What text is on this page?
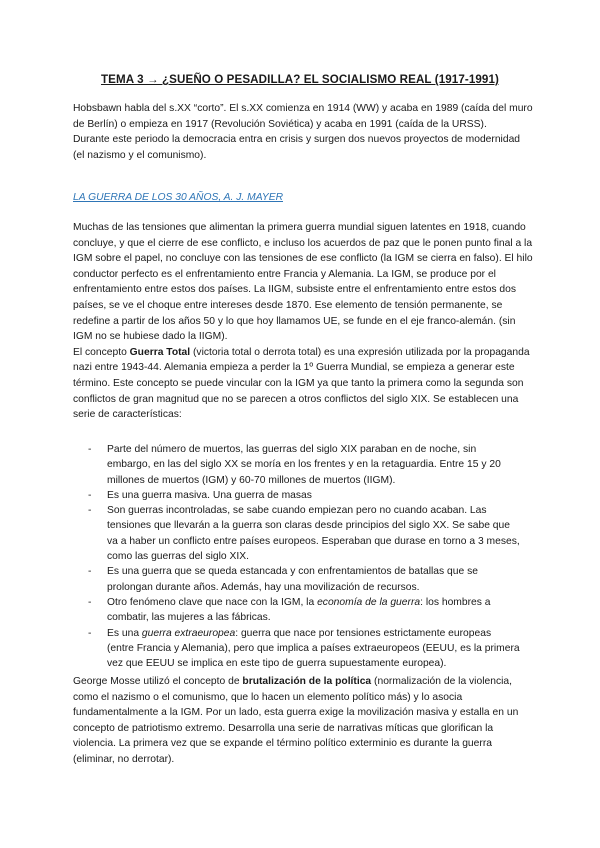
TEMA 3 → ¿SUEÑO O PESADILLA? EL SOCIALISMO REAL (1917-1991)

Hobsbawn habla del s.XX “corto”. El s.XX comienza en 1914 (WW) y acaba en 1989 (caída del muro de Berlín) o empieza en 1917 (Revolución Soviética) y acaba en 1991 (caída de la URSS).

Durante este periodo la democracia entra en crisis y surgen dos nuevos proyectos de modernidad (el nazismo y el comunismo).

LA GUERRA DE LOS 30 AÑOS, A. J. MAYER

Muchas de las tensiones que alimentan la primera guerra mundial siguen latentes en 1918, cuando concluye, y que el cierre de ese conflicto, e incluso los acuerdos de paz que le ponen punto final a la IGM sobre el papel, no concluye con las tensiones de ese conflicto (la IGM se cierra en falso). El hilo conductor perfecto es el enfrentamiento entre Francia y Alemania. La IGM, se produce por el enfrentamiento entre estos dos países. La IIGM, subsiste entre el enfrentamiento entre estos dos países, se ve el choque entre intereses desde 1870. Ese elemento de tensión permanente, se redefine a partir de los años 50 y lo que hoy llamamos UE, se funde en el eje franco-alemán. (sin IGM no se hubiese dado la IIGM).

El concepto Guerra Total (victoria total o derrota total) es una expresión utilizada por la propaganda nazi entre 1943-44. Alemania empieza a perder la 1º Guerra Mundial, se empieza a generar este término. Este concepto se puede vincular con la IGM ya que tanto la primera como la segunda son conflictos de gran magnitud que no se parecen a otros conflictos del siglo XIX. Se establecen una serie de características:

- Parte del número de muertos, las guerras del siglo XIX paraban en de noche, sin embargo, en las del siglo XX se moría en los frentes y en la retaguardia. Entre 15 y 20 millones de muertos (IGM) y 60-70 millones de muertos (IIGM).
- Es una guerra masiva. Una guerra de masas
- Son guerras incontroladas, se sabe cuando empiezan pero no cuando acaban. Las tensiones que llevarán a la guerra son claras desde principios del siglo XX. Se sabe que va a haber un conflicto entre países europeos. Esperaban que durase en torno a 3 meses, como las guerras del siglo XIX.
- Es una guerra que se queda estancada y con enfrentamientos de batallas que se prolongan durante años. Además, hay una movilización de recursos.
- Otro fenómeno clave que nace con la IGM, la economía de la guerra: los hombres a combatir, las mujeres a las fábricas.
- Es una guerra extraeuropea: guerra que nace por tensiones estrictamente europeas (entre Francia y Alemania), pero que implica a países extraeuropeos (EEUU, es la primera vez que EEUU se implica en este tipo de guerra supuestamente europea).

George Mosse utilizó el concepto de brutalización de la política (normalización de la violencia, como el nazismo o el comunismo, que lo hacen un elemento político más) y lo asocia fundamentalmente a la IGM. Por un lado, esta guerra exige la movilización masiva y estalla en un concepto de patriotismo extremo. Desarrolla una serie de narrativas míticas que glorifican la violencia. La primera vez que se expande el término político exterminio es durante la guerra (eliminar, no derrotar).
